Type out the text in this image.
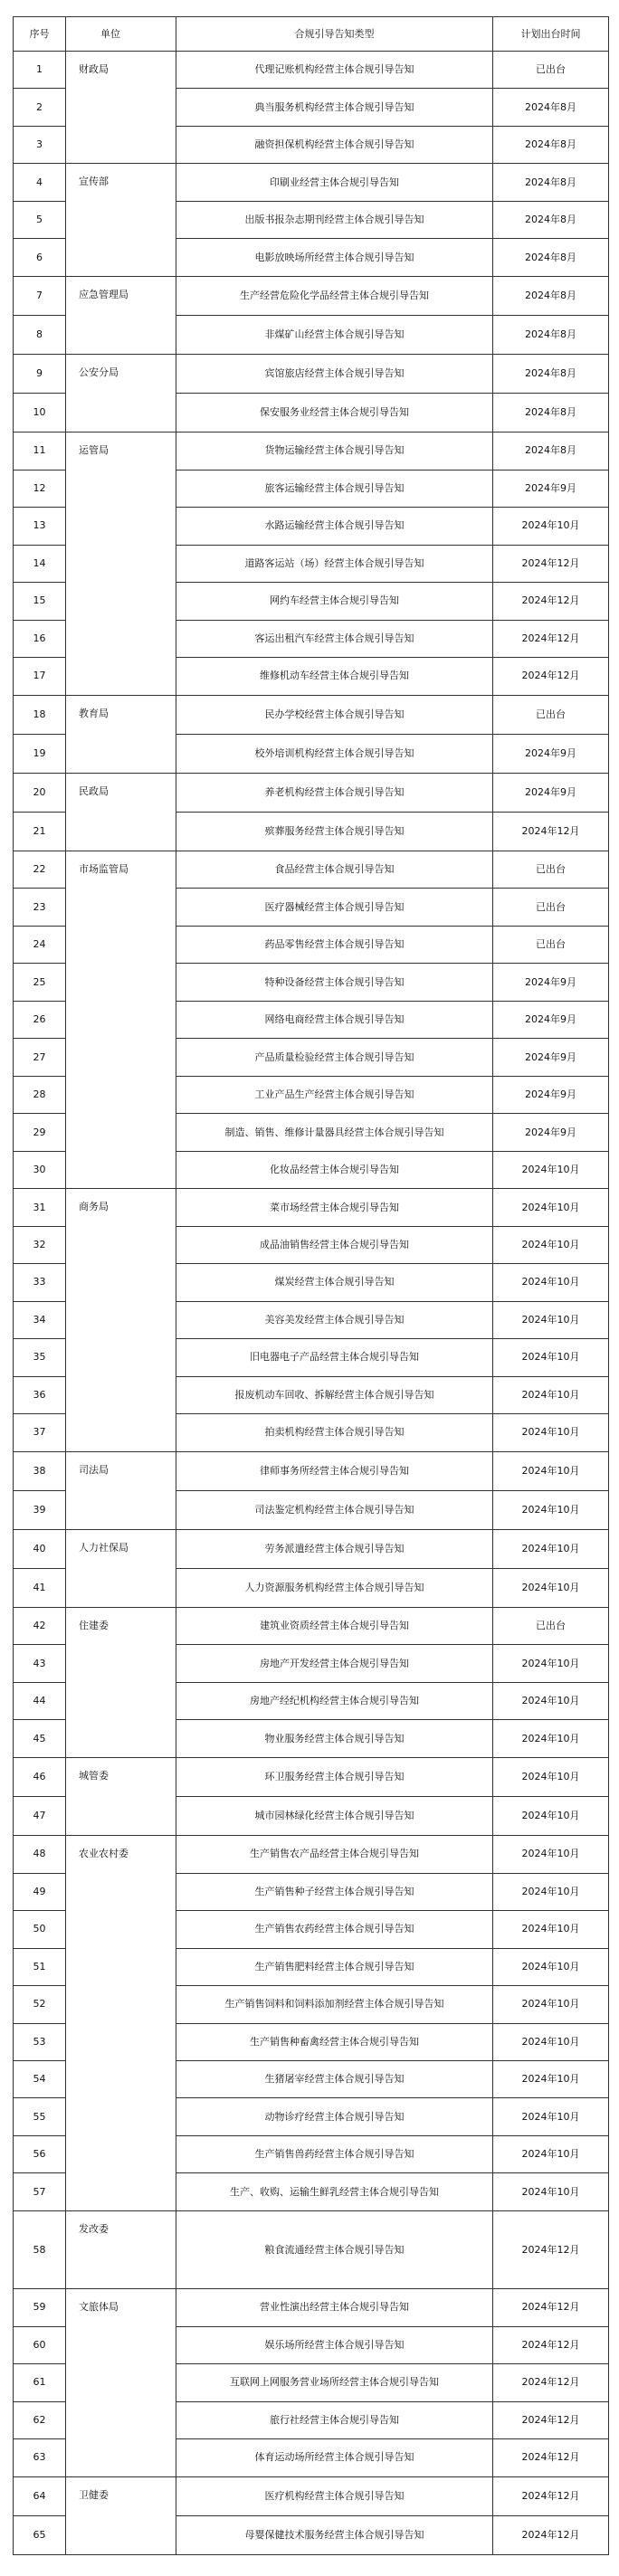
序号	单位	合规引导告知类型	计划出台时间
1	财政局	代理记账机构经营主体合规引导告知	已出台
2		典当服务机构经营主体合规引导告知	2024年8月
3		融资担保机构经营主体合规引导告知	2024年8月
4	宣传部	印刷业经营主体合规引导告知	2024年8月
5		出版书报杂志期刊经营主体合规引导告知	2024年8月
6		电影放映场所经营主体合规引导告知	2024年8月
7	应急管理局	生产经营危险化学品经营主体合规引导告知	2024年8月
8		非煤矿山经营主体合规引导告知	2024年8月
9	公安分局	宾馆旅店经营主体合规引导告知	2024年8月
10		保安服务业经营主体合规引导告知	2024年8月
11	运管局	货物运输经营主体合规引导告知	2024年8月
12		旅客运输经营主体合规引导告知	2024年9月
13		水路运输经营主体合规引导告知	2024年10月
14		道路客运站（场）经营主体合规引导告知	2024年12月
15		网约车经营主体合规引导告知	2024年12月
16		客运出租汽车经营主体合规引导告知	2024年12月
17		维修机动车经营主体合规引导告知	2024年12月
18	教育局	民办学校经营主体合规引导告知	已出台
19		校外培训机构经营主体合规引导告知	2024年9月
20	民政局	养老机构经营主体合规引导告知	2024年9月
21		殡葬服务经营主体合规引导告知	2024年12月
22	市场监管局	食品经营主体合规引导告知	已出台
23		医疗器械经营主体合规引导告知	已出台
24		药品零售经营主体合规引导告知	已出台
25		特种设备经营主体合规引导告知	2024年9月
26		网络电商经营主体合规引导告知	2024年9月
27		产品质量检验经营主体合规引导告知	2024年9月
28		工业产品生产经营主体合规引导告知	2024年9月
29		制造、销售、维修计量器具经营主体合规引导告知	2024年9月
30		化妆品经营主体合规引导告知	2024年10月
31	商务局	菜市场经营主体合规引导告知	2024年10月
32		成品油销售经营主体合规引导告知	2024年10月
33		煤炭经营主体合规引导告知	2024年10月
34		美容美发经营主体合规引导告知	2024年10月
35		旧电器电子产品经营主体合规引导告知	2024年10月
36		报废机动车回收、拆解经营主体合规引导告知	2024年10月
37		拍卖机构经营主体合规引导告知	2024年10月
38	司法局	律师事务所经营主体合规引导告知	2024年10月
39		司法鉴定机构经营主体合规引导告知	2024年10月
40	人力社保局	劳务派遣经营主体合规引导告知	2024年10月
41		人力资源服务机构经营主体合规引导告知	2024年10月
42	住建委	建筑业资质经营主体合规引导告知	已出台
43		房地产开发经营主体合规引导告知	2024年10月
44		房地产经纪机构经营主体合规引导告知	2024年10月
45		物业服务经营主体合规引导告知	2024年10月
46	城管委	环卫服务经营主体合规引导告知	2024年10月
47		城市园林绿化经营主体合规引导告知	2024年10月
48	农业农村委	生产销售农产品经营主体合规引导告知	2024年10月
49		生产销售种子经营主体合规引导告知	2024年10月
50		生产销售农药经营主体合规引导告知	2024年10月
51		生产销售肥料经营主体合规引导告知	2024年10月
52		生产销售饲料和饲料添加剂经营主体合规引导告知	2024年10月
53		生产销售种畜禽经营主体合规引导告知	2024年10月
54		生猪屠宰经营主体合规引导告知	2024年10月
55		动物诊疗经营主体合规引导告知	2024年10月
56		生产销售兽药经营主体合规引导告知	2024年10月
57		生产、收购、运输生鲜乳经营主体合规引导告知	2024年10月
58	发改委	粮食流通经营主体合规引导告知	2024年12月
59	文旅体局	营业性演出经营主体合规引导告知	2024年12月
60		娱乐场所经营主体合规引导告知	2024年12月
61		互联网上网服务营业场所经营主体合规引导告知	2024年12月
62		旅行社经营主体合规引导告知	2024年12月
63		体育运动场所经营主体合规引导告知	2024年12月
64	卫健委	医疗机构经营主体合规引导告知	2024年12月
65		母婴保健技术服务经营主体合规引导告知	2024年12月
